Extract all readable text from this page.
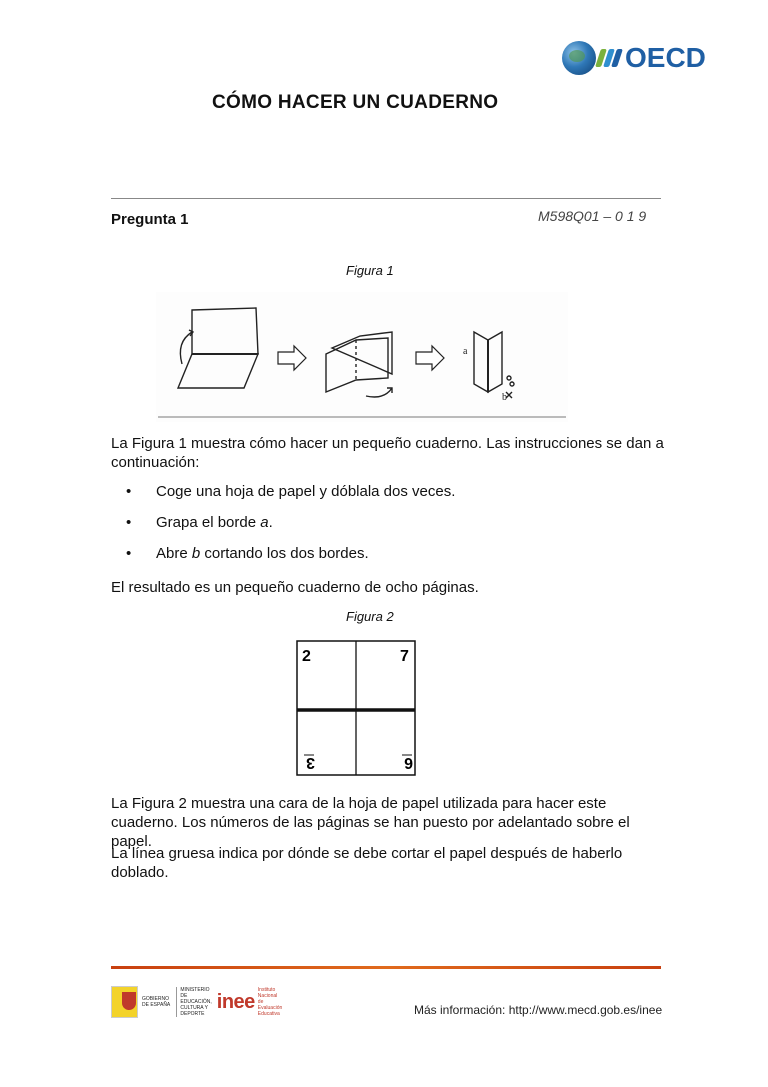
OECD
CÓMO HACER UN CUADERNO
Pregunta 1	M598Q01 – 0 1 9
Figura 1
a
b
La Figura 1 muestra cómo hacer un pequeño cuaderno. Las instrucciones se dan a continuación:
• Coge una hoja de papel y dóblala dos veces.
• Grapa el borde a.
• Abre b cortando los dos bordes.
El resultado es un pequeño cuaderno de ocho páginas.
Figura 2
2	7
3	6
La Figura 2 muestra una cara de la hoja de papel utilizada para hacer este cuaderno. Los números de las páginas se han puesto por adelantado sobre el papel.
La línea gruesa indica por dónde se debe cortar el papel después de haberlo doblado.
GOBIERNO DE ESPAÑA
MINISTERIO DE EDUCACIÓN, CULTURA Y DEPORTE
inee
Instituto Nacional
de Evaluación
Educativa	Más información: http://www.mecd.gob.es/inee
